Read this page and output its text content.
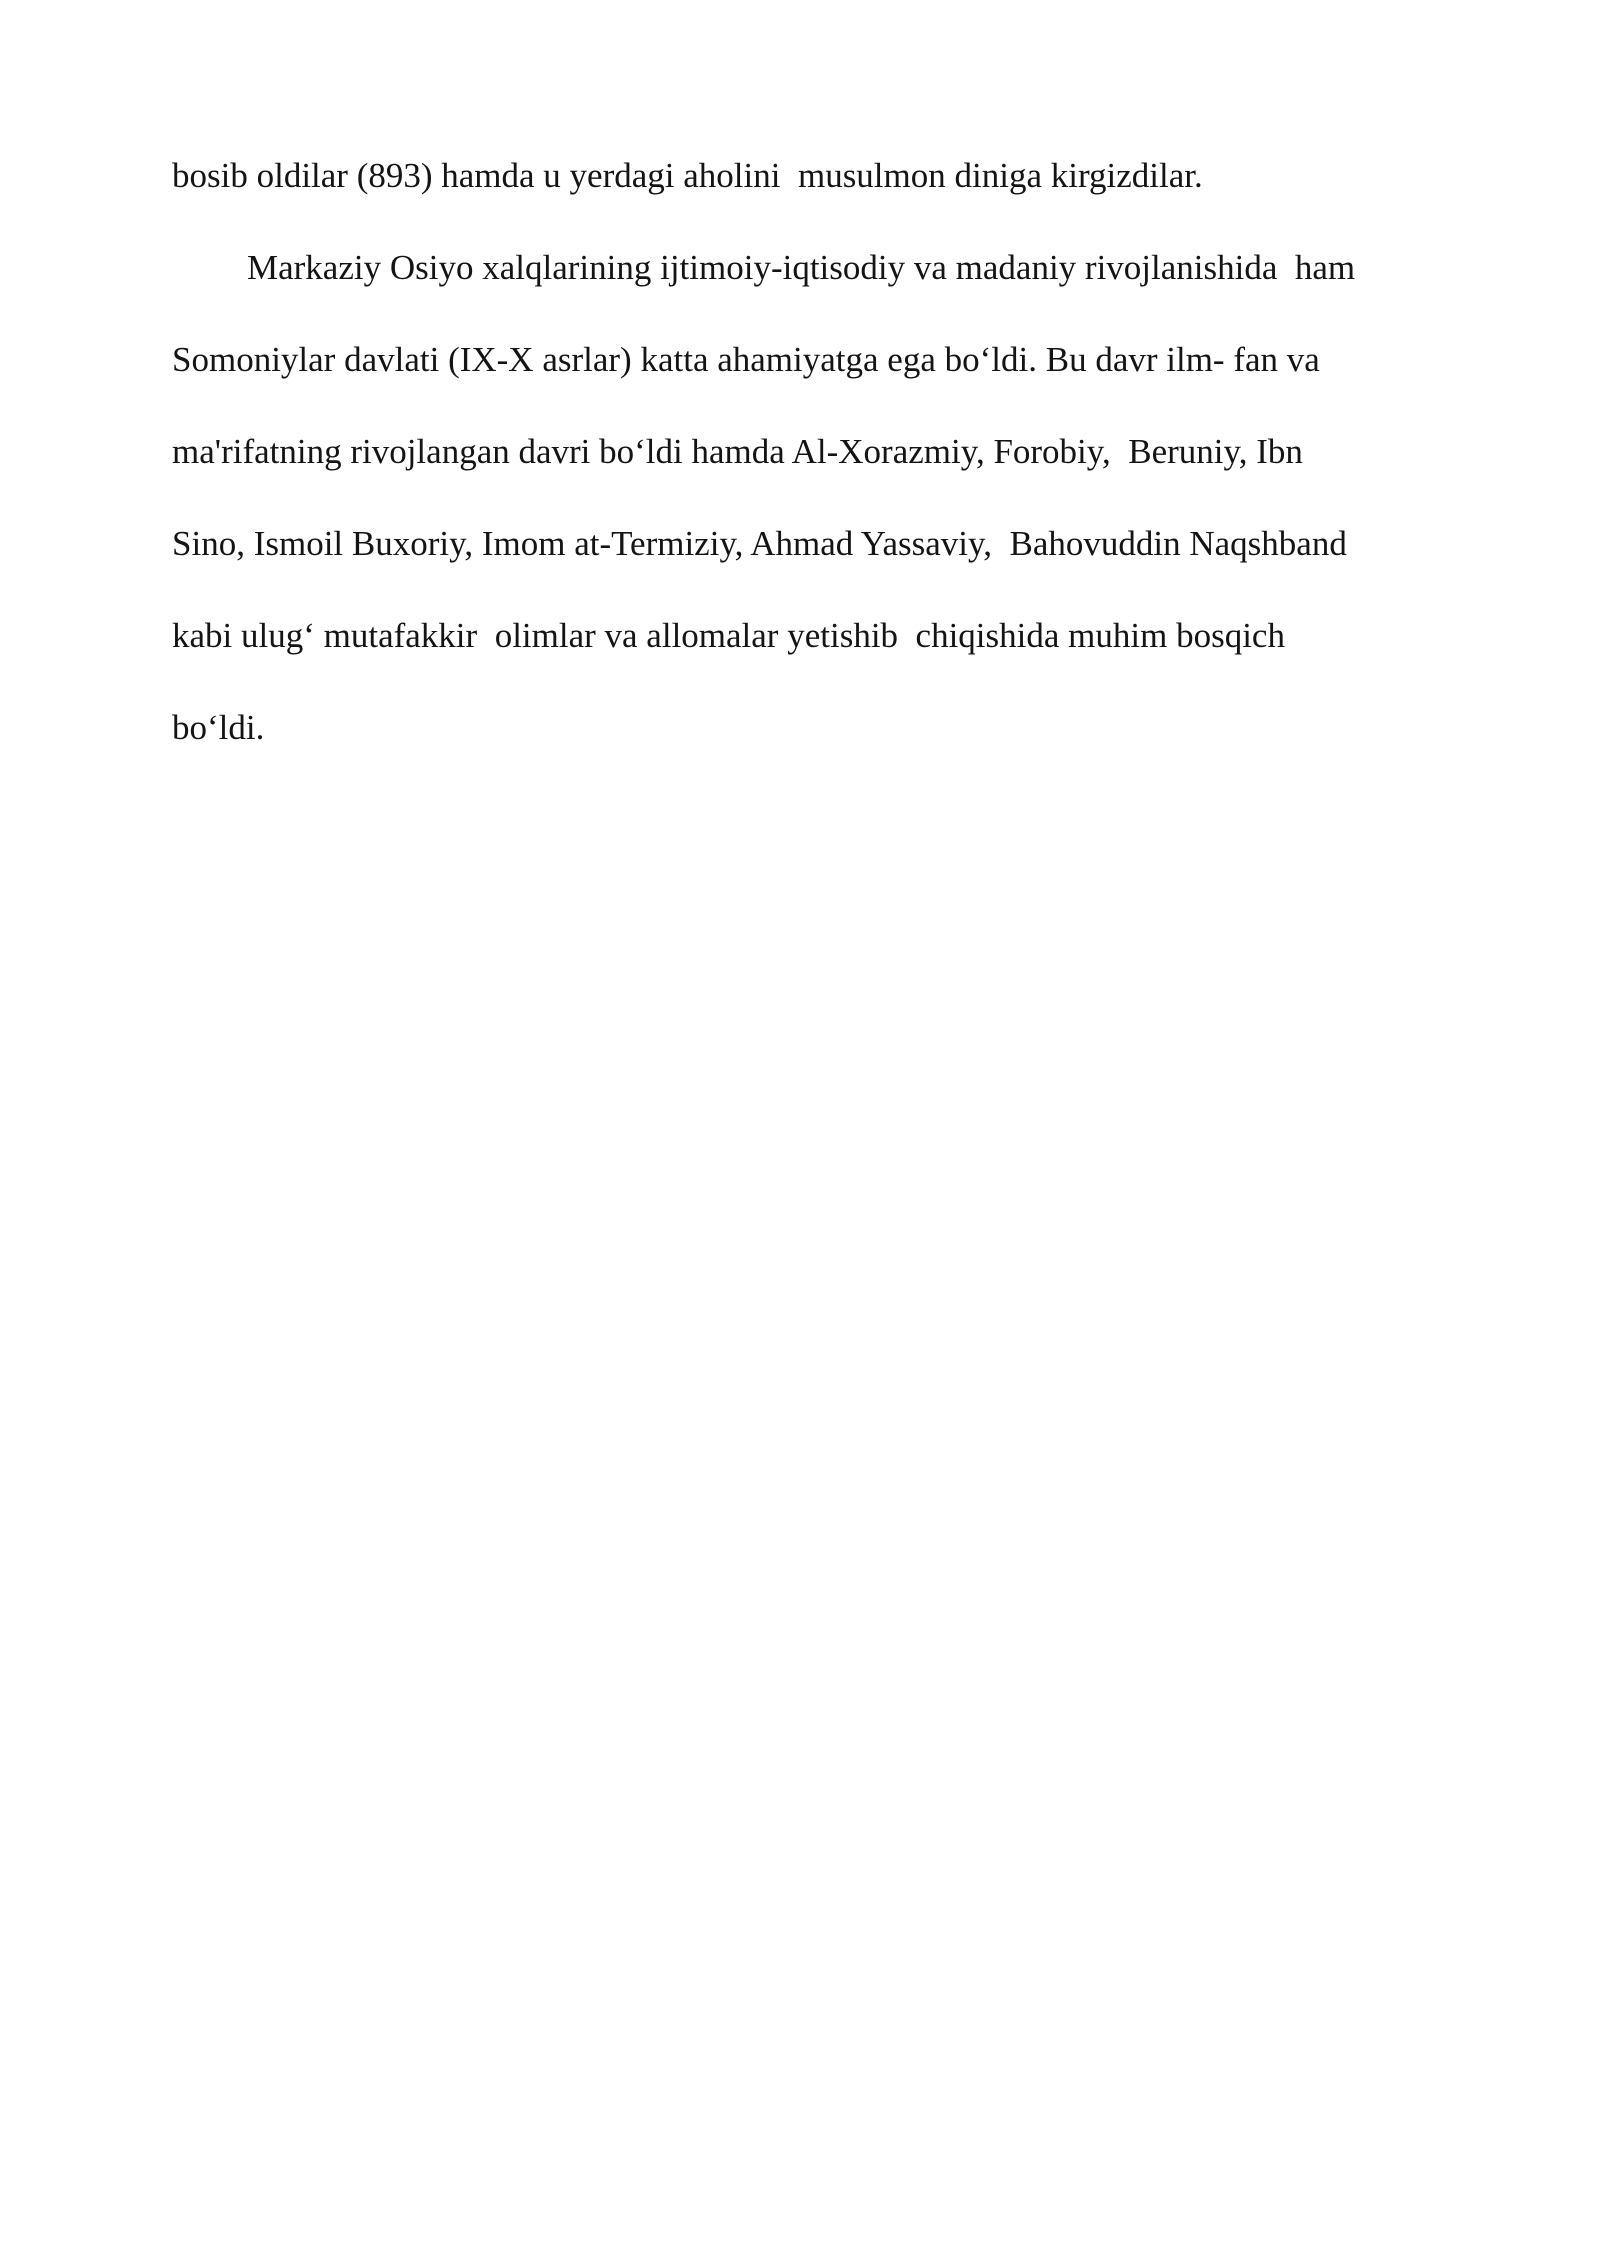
bosib oldilar (893) hamda u yerdagi aholini  musulmon diniga kirgizdilar.

Markaziy Osiyo xalqlarining ijtimoiy-iqtisodiy va madaniy rivojlanishida  ham

Somoniylar davlati (IX-X asrlar) katta ahamiyatga ega bo‘ldi. Bu davr ilm- fan va

ma'rifatning rivojlangan davri bo‘ldi hamda Al-Xorazmiy, Forobiy,  Beruniy, Ibn

Sino, Ismoil Buxoriy, Imom at-Termiziy, Ahmad Yassaviy,  Bahovuddin Naqshband

kabi ulug‘ mutafakkir  olimlar va allomalar yetishib  chiqishida muhim bosqich

bo‘ldi.
